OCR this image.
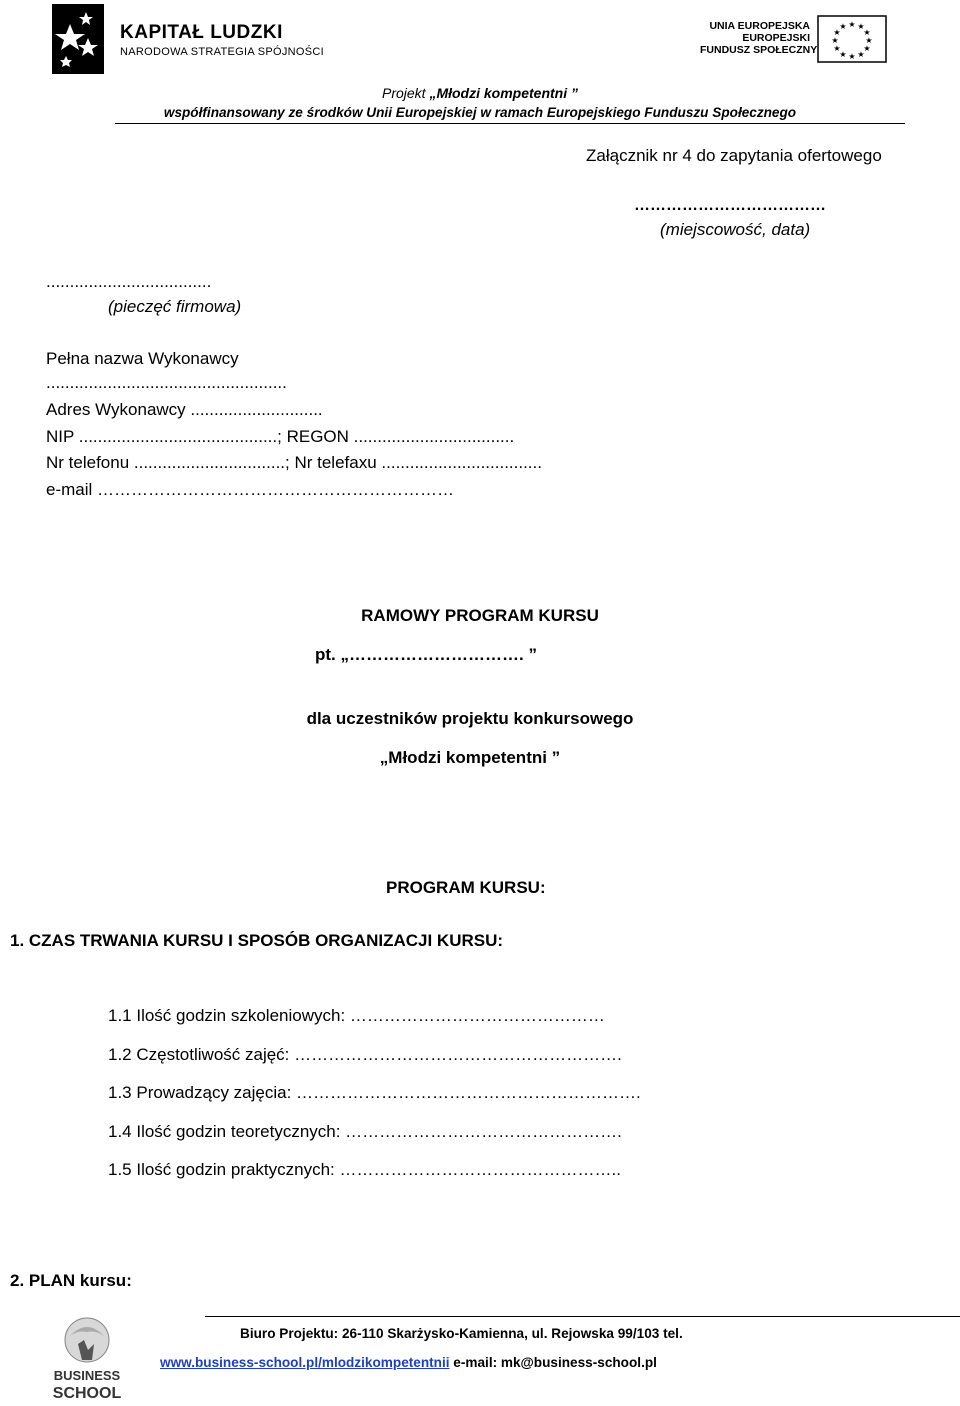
KAPITAŁ LUDZKI
NARODOWA STRATEGIA SPÓJNOŚCI
UNIA EUROPEJSKA
EUROPEJSKI
FUNDUSZ SPOŁECZNY
★ ★
★
★
★
★
★
★
★
★
★
★
Projekt „Młodzi kompetentni ”
współfinansowany ze środków Unii Europejskiej w ramach Europejskiego Funduszu Społecznego
Załącznik nr 4 do zapytania ofertowego
………………………………
(miejscowość, data)
...................................
(pieczęć firmowa)
Pełna nazwa Wykonawcy
...................................................
Adres Wykonawcy ............................
NIP ..........................................; REGON ..................................
Nr telefonu ................................; Nr telefaxu ..................................
e-mail ………………………………………………………
RAMOWY PROGRAM KURSU
pt. „…………………………. ”
dla uczestników projektu konkursowego
„Młodzi kompetentni ”
PROGRAM KURSU:
1. CZAS TRWANIA KURSU I SPOSÓB ORGANIZACJI KURSU:
1.1 Ilość godzin szkoleniowych: ………………………………………
1.2 Częstotliwość zajęć: ………………………………………………….
1.3 Prowadzący zajęcia: …………………………………………………….
1.4 Ilość godzin teoretycznych: ………………………………………….
1.5 Ilość godzin praktycznych: …………………………………………..
2. PLAN kursu:
BUSINESS
SCHOOL
Biuro Projektu: 26-110 Skarżysko-Kamienna, ul. Rejowska 99/103 tel.
www.business-school.pl/mlodzikompetentnii e-mail: mk@business-school.pl
